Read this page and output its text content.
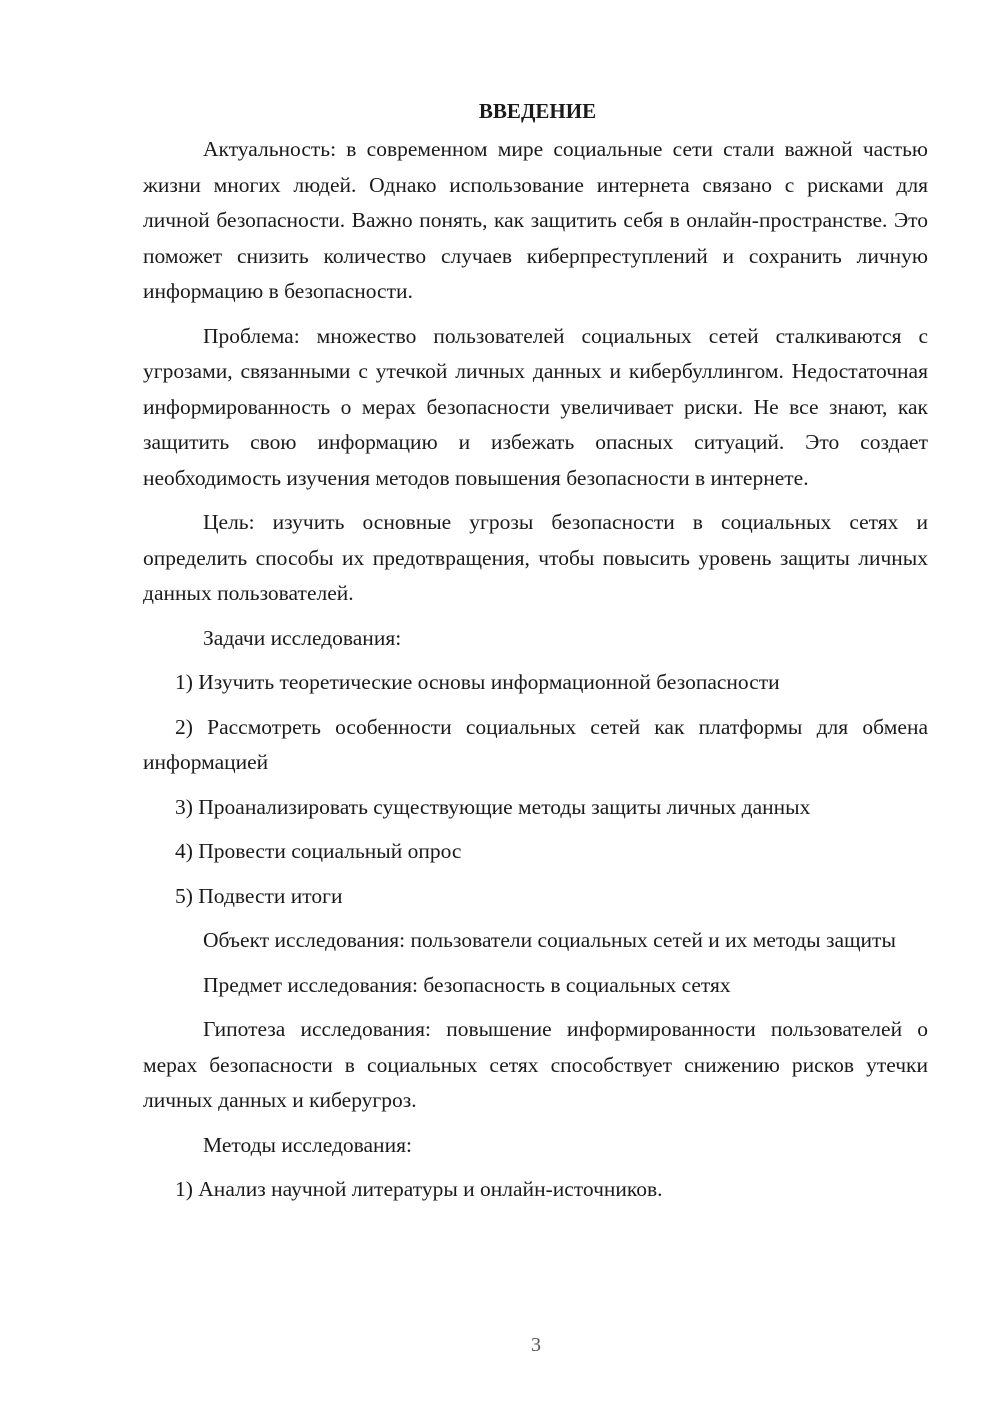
ВВЕДЕНИЕ

Актуальность: в современном мире социальные сети стали важной частью жизни многих людей. Однако использование интернета связано с рисками для личной безопасности. Важно понять, как защитить себя в онлайн-пространстве. Это поможет снизить количество случаев киберпреступлений и сохранить личную информацию в безопасности.

Проблема: множество пользователей социальных сетей сталкиваются с угрозами, связанными с утечкой личных данных и кибербуллингом. Недостаточная информированность о мерах безопасности увеличивает риски. Не все знают, как защитить свою информацию и избежать опасных ситуаций. Это создает необходимость изучения методов повышения безопасности в интернете.

Цель: изучить основные угрозы безопасности в социальных сетях и определить способы их предотвращения, чтобы повысить уровень защиты личных данных пользователей.

Задачи исследования:

1) Изучить теоретические основы информационной безопасности

2) Рассмотреть особенности социальных сетей как платформы для обмена информацией

3) Проанализировать существующие методы защиты личных данных

4) Провести социальный опрос

5) Подвести итоги

Объект исследования: пользователи социальных сетей и их методы защиты

Предмет исследования: безопасность в социальных сетях

Гипотеза исследования: повышение информированности пользователей о мерах безопасности в социальных сетях способствует снижению рисков утечки личных данных и киберугроз.

Методы исследования:

1) Анализ научной литературы и онлайн-источников.

3
